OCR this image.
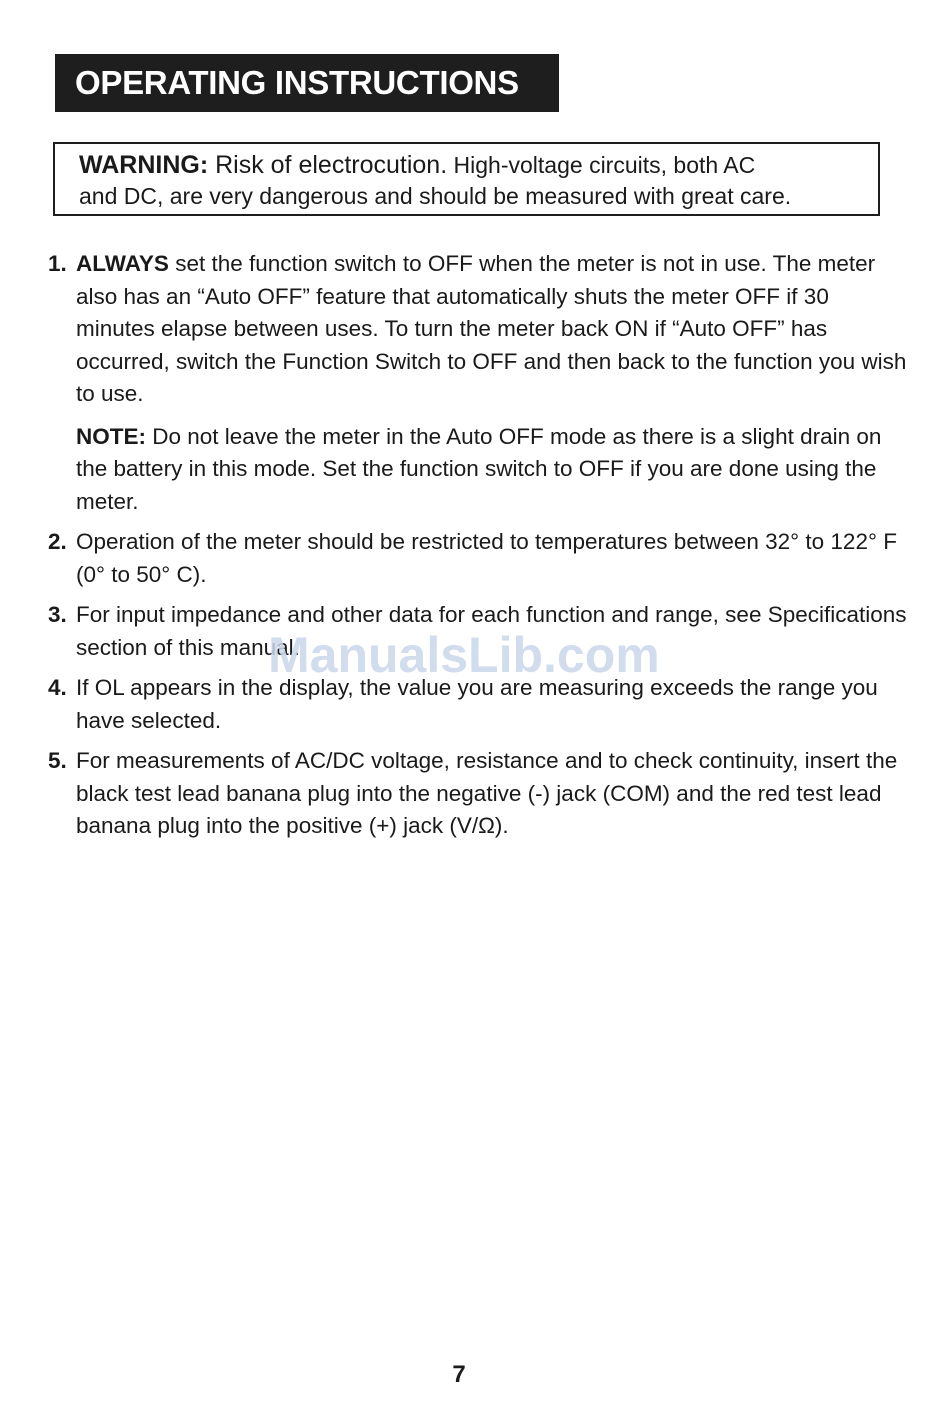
OPERATING INSTRUCTIONS
WARNING: Risk of electrocution. High-voltage circuits, both AC
and DC, are very dangerous and should be measured with great care.
1. ALWAYS set the function switch to OFF when the meter is not in use. The meter also has an “Auto OFF” feature that automatically shuts the meter OFF if 30 minutes elapse between uses. To turn the meter back ON if “Auto OFF” has occurred, switch the Function Switch to OFF and then back to the function you wish to use.
NOTE: Do not leave the meter in the Auto OFF mode as there is a slight drain on the battery in this mode. Set the function switch to OFF if you are done using the meter.
2. Operation of the meter should be restricted to temperatures between 32° to 122° F (0° to 50° C).
3. For input impedance and other data for each function and range, see Specifications section of this manual.
4. If OL appears in the display, the value you are measuring exceeds the range you have selected.
5. For measurements of AC/DC voltage, resistance and to check continuity, insert the black test lead banana plug into the negative (-) jack (COM) and the red test lead banana plug into the positive (+) jack (V/Ω).
ManualsLib.com
7
